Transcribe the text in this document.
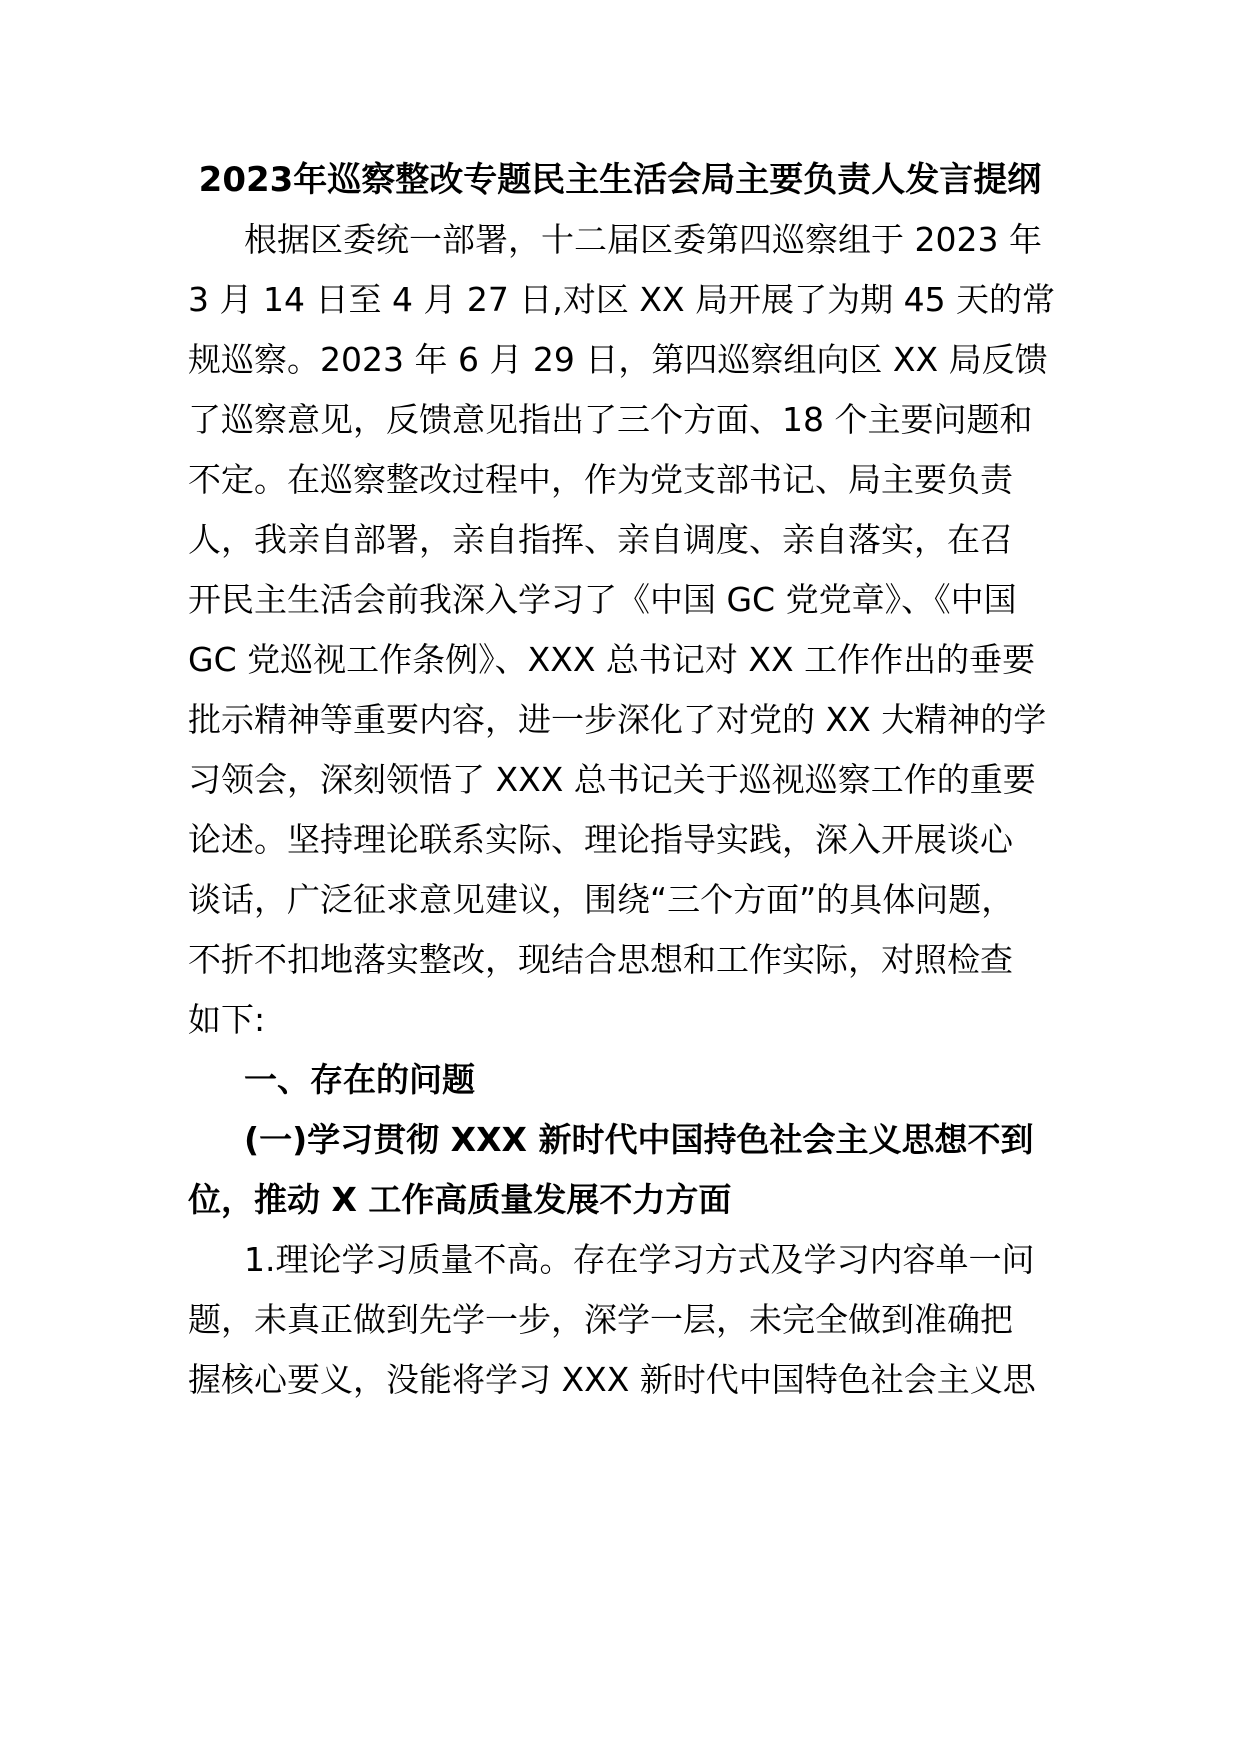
2023年巡察整改专题民主生活会局主要负责人发言提纲
根据区委统一部署，十二届区委第四巡察组于 2023 年
3 月 14 日至 4 月 27 日,对区 XX 局开展了为期 45 天的常
规巡察。2023 年 6 月 29 日，第四巡察组向区 XX 局反馈
了巡察意见，反馈意见指出了三个方面、18 个主要问题和
不定。在巡察整改过程中，作为党支部书记、局主要负责
人，我亲自部署，亲自指挥、亲自调度、亲自落实，在召
开民主生活会前我深入学习了《中国 GC 党党章》、《中国
GC 党巡视工作条例》、XXX 总书记对 XX 工作作出的垂要
批示精神等重要内容，进一步深化了对党的 XX 大精神的学
习领会，深刻领悟了 XXX 总书记关于巡视巡察工作的重要
论述。坚持理论联系实际、理论指导实践，深入开展谈心
谈话，广泛征求意见建议，围绕“三个方面”的具体问题，
不折不扣地落实整改，现结合思想和工作实际，对照检查
如下:
一、存在的问题
(一)学习贯彻 XXX 新时代中国持色社会主义思想不到
位，推动 X 工作高质量发展不力方面
1.理论学习质量不高。存在学习方式及学习内容单一问
题，未真正做到先学一步，深学一层，未完全做到准确把
握核心要义，没能将学习 XXX 新时代中国特色社会主义思
